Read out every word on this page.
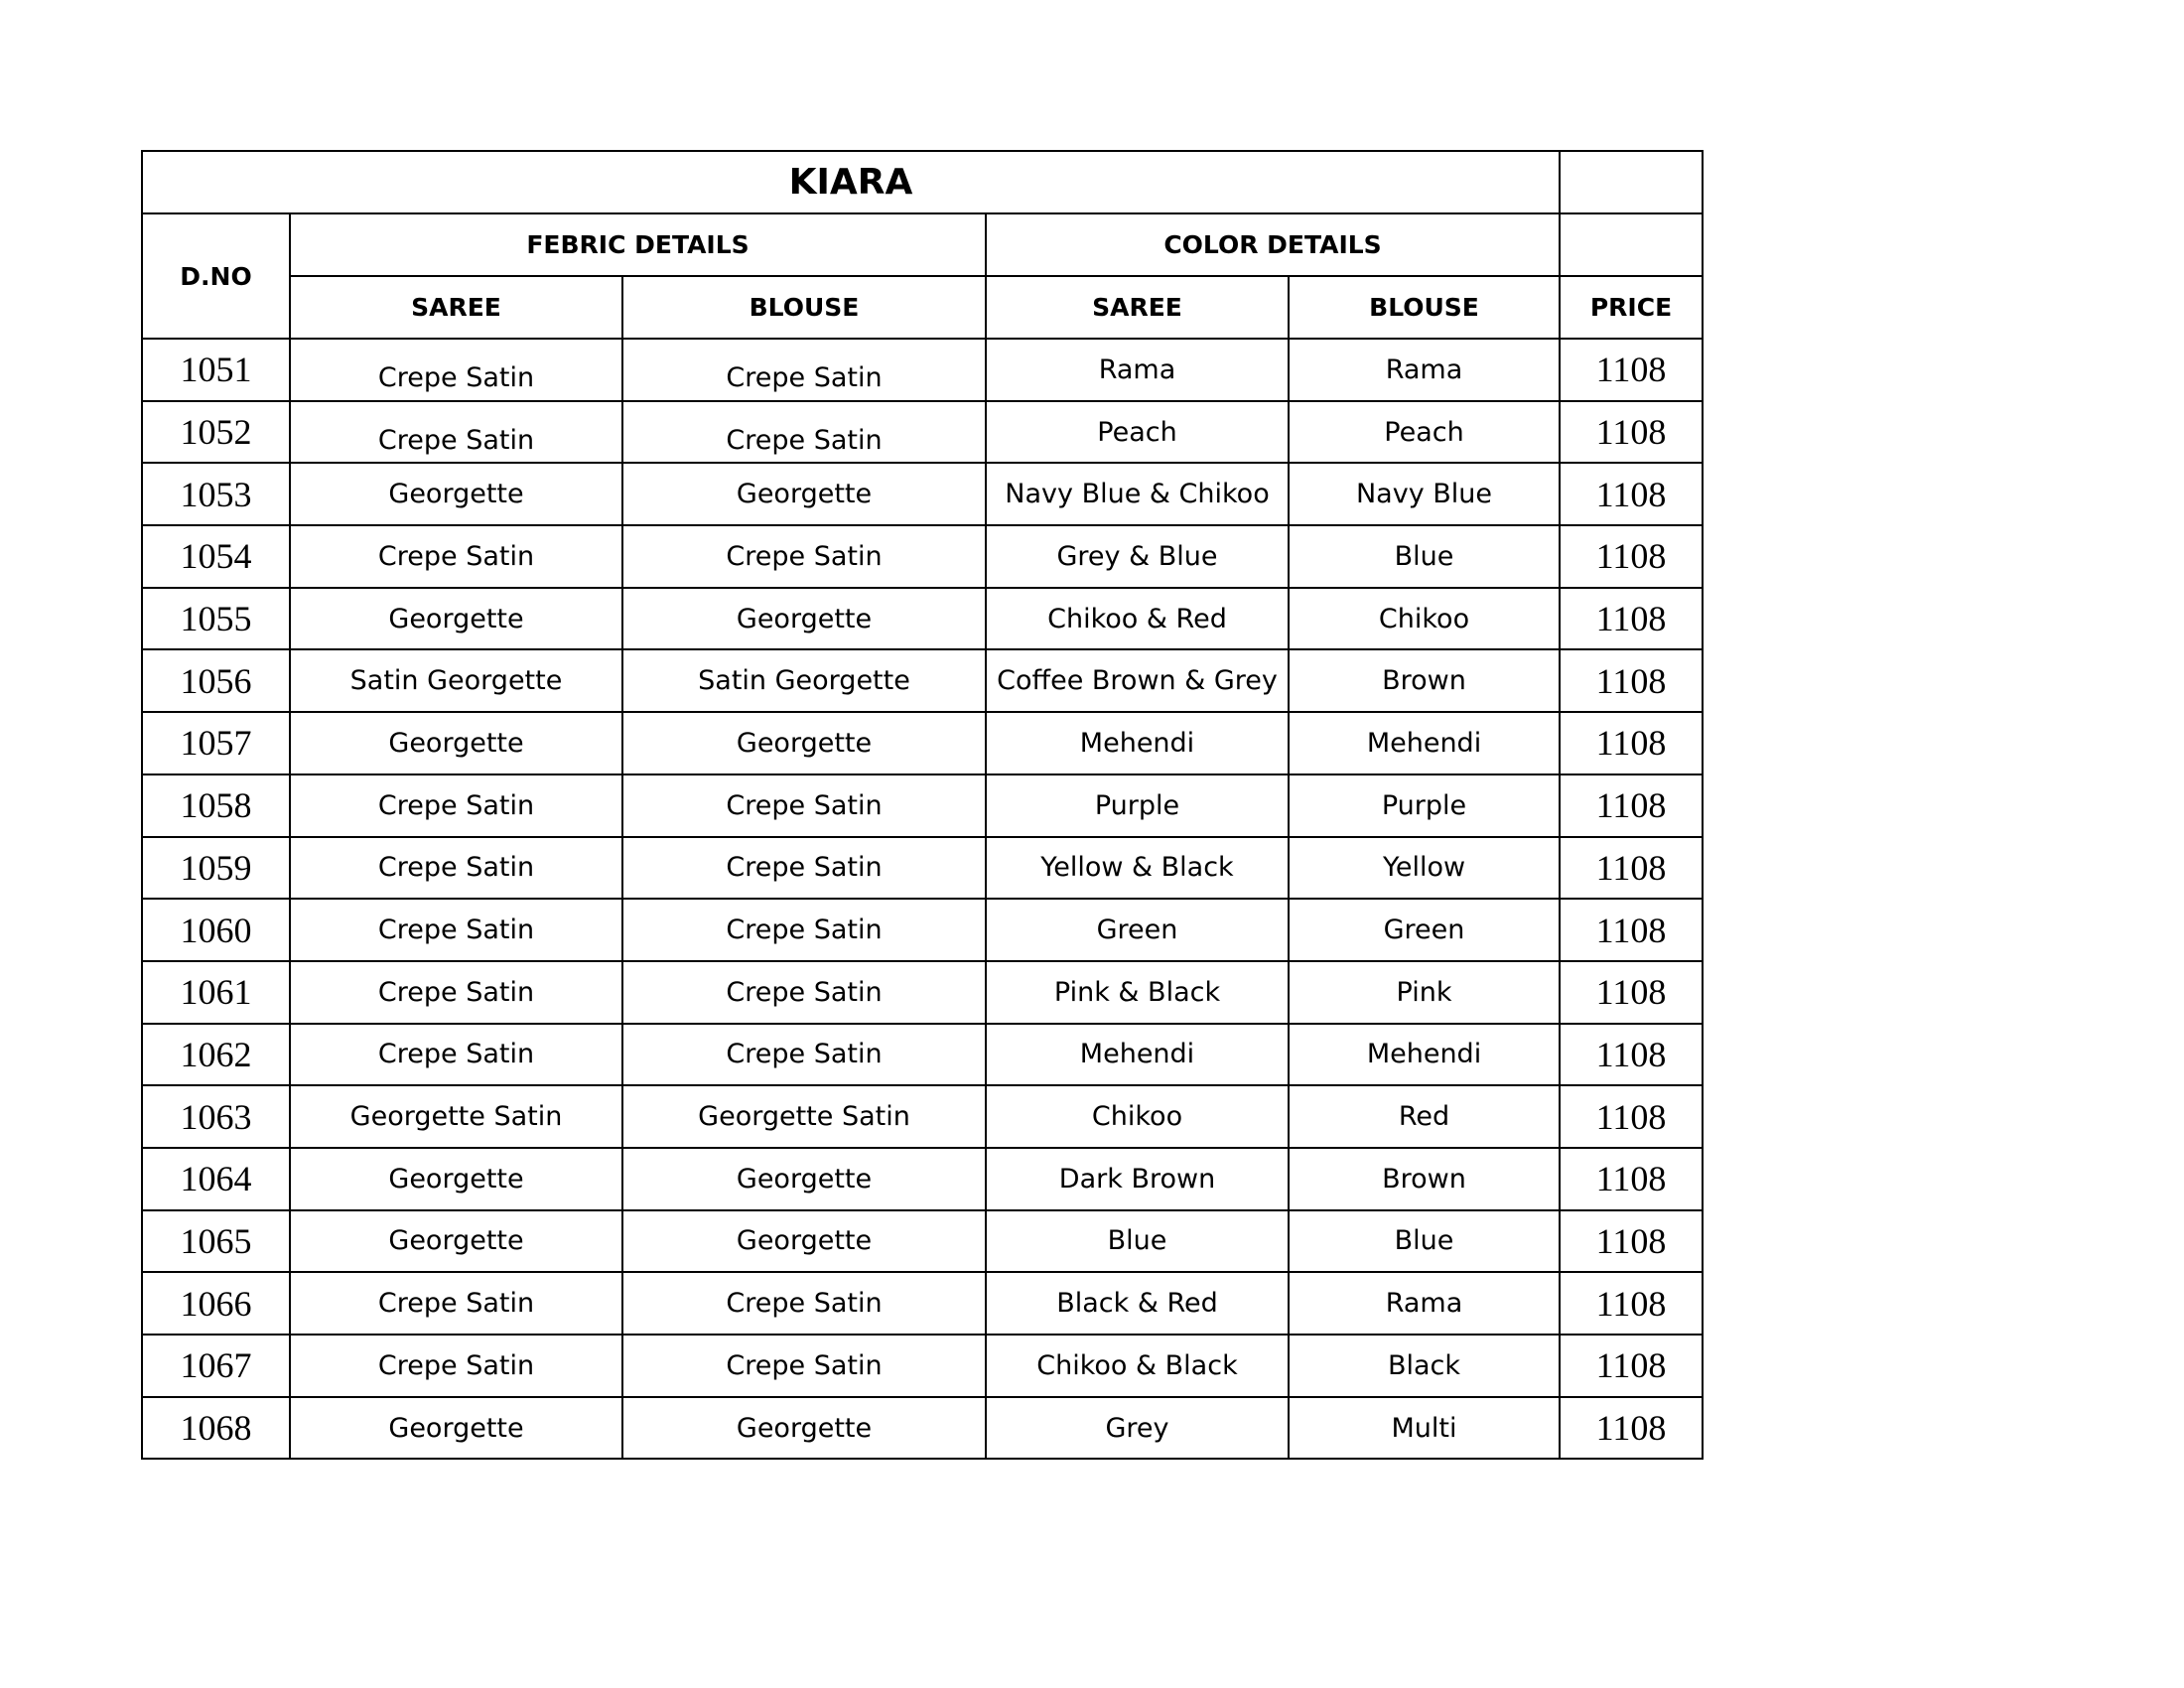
KIARA					
D.NO	FEBRIC DETAILS		COLOR DETAILS		
	SAREE	BLOUSE	SAREE	BLOUSE	PRICE
1051	Crepe Satin	Crepe Satin	Rama	Rama	1108
1052	Crepe Satin	Crepe Satin	Peach	Peach	1108
1053	Georgette	Georgette	Navy Blue & Chikoo	Navy Blue	1108
1054	Crepe Satin	Crepe Satin	Grey & Blue	Blue	1108
1055	Georgette	Georgette	Chikoo & Red	Chikoo	1108
1056	Satin Georgette	Satin Georgette	Coffee Brown & Grey	Brown	1108
1057	Georgette	Georgette	Mehendi	Mehendi	1108
1058	Crepe Satin	Crepe Satin	Purple	Purple	1108
1059	Crepe Satin	Crepe Satin	Yellow & Black	Yellow	1108
1060	Crepe Satin	Crepe Satin	Green	Green	1108
1061	Crepe Satin	Crepe Satin	Pink & Black	Pink	1108
1062	Crepe Satin	Crepe Satin	Mehendi	Mehendi	1108
1063	Georgette Satin	Georgette Satin	Chikoo	Red	1108
1064	Georgette	Georgette	Dark Brown	Brown	1108
1065	Georgette	Georgette	Blue	Blue	1108
1066	Crepe Satin	Crepe Satin	Black & Red	Rama	1108
1067	Crepe Satin	Crepe Satin	Chikoo & Black	Black	1108
1068	Georgette	Georgette	Grey	Multi	1108
